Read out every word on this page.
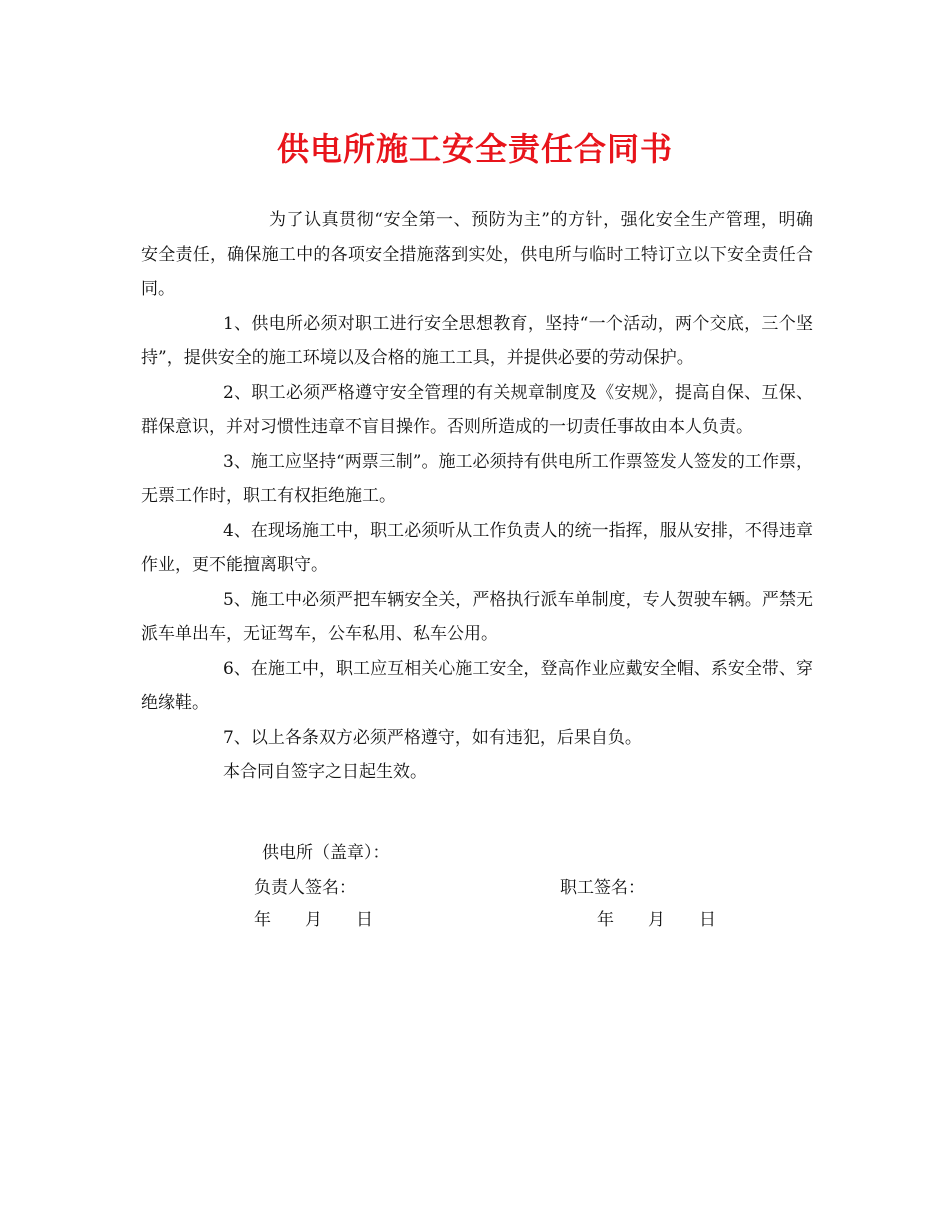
供电所施工安全责任合同书

为了认真贯彻“安全第一、预防为主”的方针，强化安全生产管理，明确安全责任，确保施工中的各项安全措施落到实处，供电所与临时工特订立以下安全责任合同。

1、供电所必须对职工进行安全思想教育，坚持“一个活动，两个交底，三个坚持”，提供安全的施工环境以及合格的施工工具，并提供必要的劳动保护。

2、职工必须严格遵守安全管理的有关规章制度及《安规》，提高自保、互保、群保意识，并对习惯性违章不盲目操作。否则所造成的一切责任事故由本人负责。

3、施工应坚持“两票三制”。施工必须持有供电所工作票签发人签发的工作票，无票工作时，职工有权拒绝施工。

4、在现场施工中，职工必须听从工作负责人的统一指挥，服从安排，不得违章作业，更不能擅离职守。

5、施工中必须严把车辆安全关，严格执行派车单制度，专人贺驶车辆。严禁无派车单出车，无证驾车，公车私用、私车公用。

6、在施工中，职工应互相关心施工安全，登高作业应戴安全帽、系安全带、穿绝缘鞋。

7、以上各条双方必须严格遵守，如有违犯，后果自负。

本合同自签字之日起生效。

供电所（盖章）：
负责人签名：	职工签名：
年　　月　　日	年　　月　　日
